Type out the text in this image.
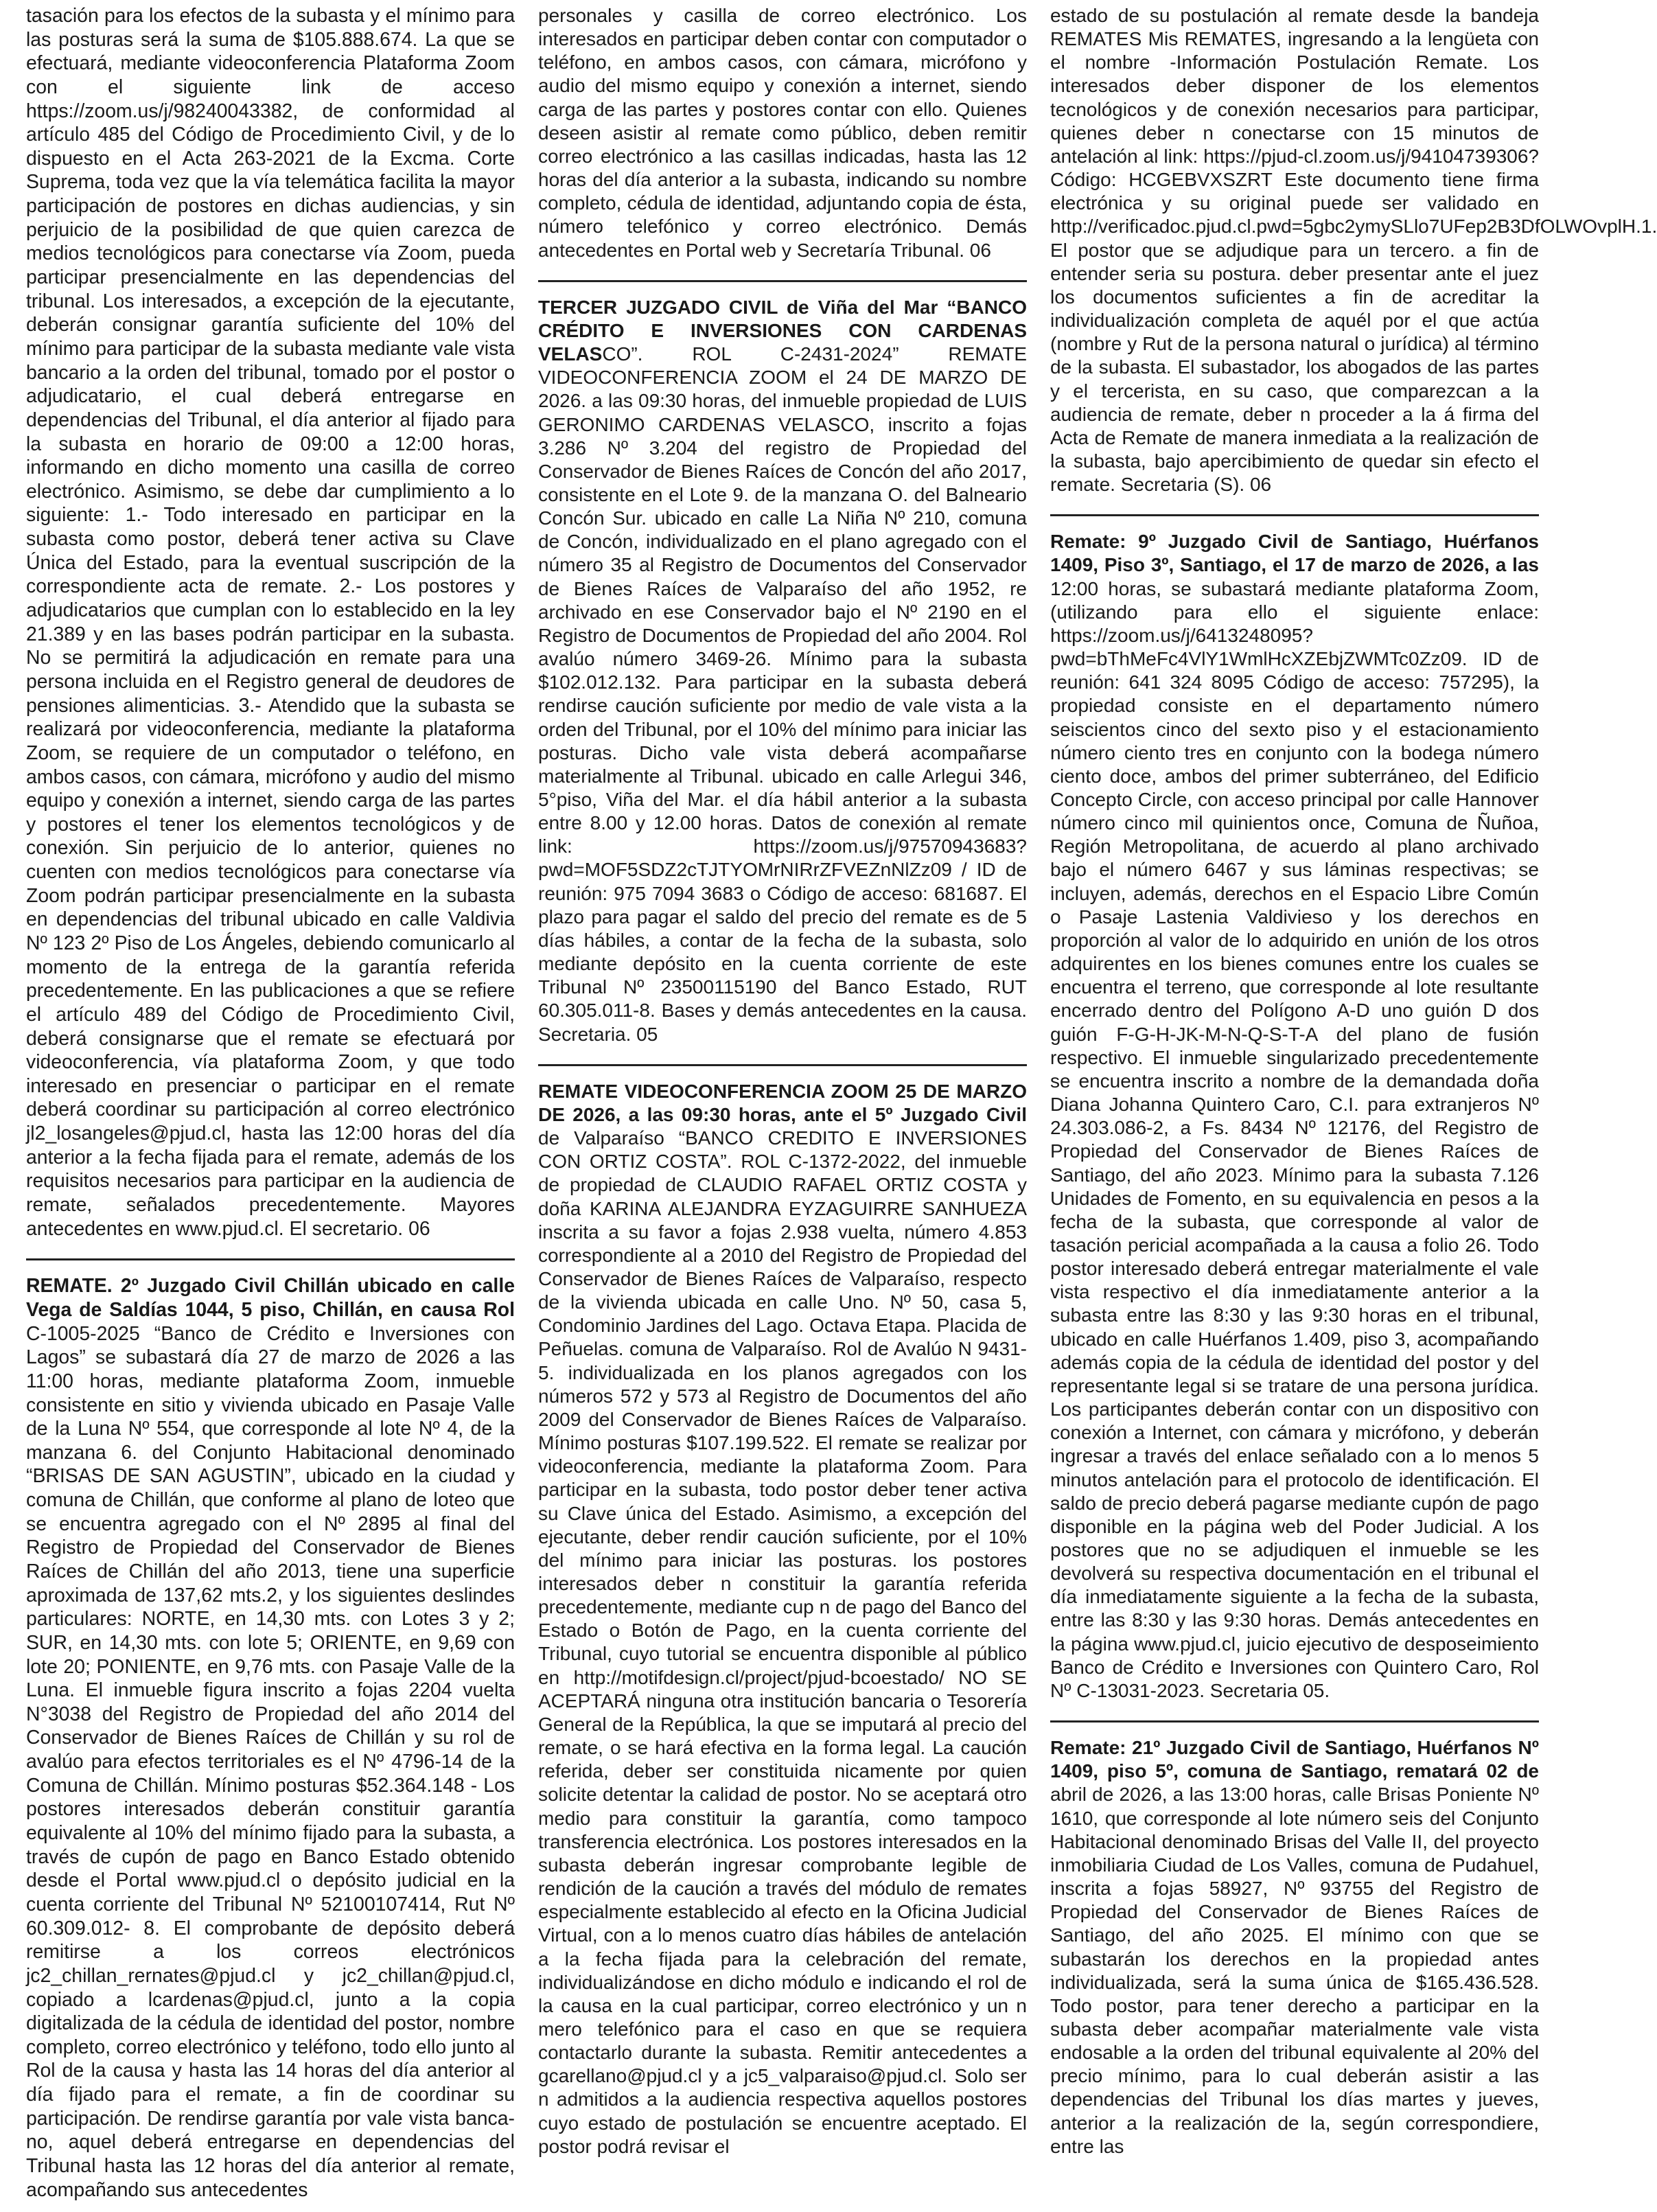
tasación para los efectos de la subasta y el mínimo para las posturas será la suma de $105.888.674. La que se efectuará, mediante videoconferencia Plataforma Zoom con el siguiente link de acceso https://zoom.us/j/98240043382, de conformidad al artículo 485 del Código de Procedimiento Civil, y de lo dispuesto en el Acta 263-2021 de la Excma. Corte Suprema, toda vez que la vía telemática facilita la mayor participación de postores en dichas audiencias, y sin perjuicio de la posibilidad de que quien carezca de medios tecnológicos para conectarse vía Zoom, pueda participar presencialmente en las dependencias del tribunal. Los interesados, a excepción de la ejecutante, deberán consignar garantía suficiente del 10% del mínimo para participar de la subasta mediante vale vista bancario a la orden del tribunal, tomado por el postor o adjudicatario, el cual deberá entregarse en dependencias del Tribunal, el día anterior al fijado para la subasta en horario de 09:00 a 12:00 horas, informando en dicho momento una casilla de correo electrónico. Asimismo, se debe dar cumplimiento a lo siguiente: 1.- Todo interesado en participar en la subasta como postor, deberá tener activa su Clave Única del Estado, para la eventual suscripción de la correspondiente acta de remate. 2.- Los postores y adjudicatarios que cumplan con lo establecido en la ley 21.389 y en las bases podrán participar en la subasta. No se permitirá la adjudicación en remate para una persona incluida en el Registro general de deudores de pensiones alimenticias. 3.- Atendido que la subasta se realizará por videoconferencia, mediante la plataforma Zoom, se requiere de un computador o teléfono, en ambos casos, con cámara, micrófono y audio del mismo equipo y conexión a internet, siendo carga de las partes y postores el tener los elementos tecnológicos y de conexión. Sin perjuicio de lo anterior, quienes no cuenten con medios tecnológicos para conectarse vía Zoom podrán participar presencialmente en la subasta en dependencias del tribunal ubicado en calle Valdivia Nº 123 2º Piso de Los Ángeles, debiendo comunicarlo al momento de la entrega de la garantía referida precedentemente. En las publicaciones a que se refiere el artículo 489 del Código de Procedimiento Civil, deberá consignarse que el remate se efectuará por videoconferencia, vía plataforma Zoom, y que todo interesado en presenciar o participar en el remate deberá coordinar su participación al correo electrónico jl2_losangeles@pjud.cl, hasta las 12:00 horas del día anterior a la fecha fijada para el remate, además de los requisitos necesarios para participar en la audiencia de remate, señalados precedentemente. Mayores antecedentes en www.pjud.cl. El secretario. 06

REMATE. 2º Juzgado Civil Chillán ubicado en calle Vega de Saldías 1044, 5 piso, Chillán, en causa Rol C-1005-2025 “Banco de Crédito e Inversiones con Lagos” se subastará día 27 de marzo de 2026 a las 11:00 horas, mediante plataforma Zoom, inmueble consistente en sitio y vivienda ubicado en Pasaje Valle de la Luna Nº 554, que corresponde al lote Nº 4, de la manzana 6. del Conjunto Habitacional denominado “BRISAS DE SAN AGUSTIN”, ubicado en la ciudad y comuna de Chillán, que conforme al plano de loteo que se encuentra agregado con el Nº 2895 al final del Registro de Propiedad del Conservador de Bienes Raíces de Chillán del año 2013, tiene una superficie aproximada de 137,62 mts.2, y los siguientes deslindes particulares: NORTE, en 14,30 mts. con Lotes 3 y 2; SUR, en 14,30 mts. con lote 5; ORIENTE, en 9,69 con lote 20; PONIENTE, en 9,76 mts. con Pasaje Valle de la Luna. El inmueble figura inscrito a fojas 2204 vuelta N°3038 del Registro de Propiedad del año 2014 del Conservador de Bienes Raíces de Chillán y su rol de avalúo para efectos territoriales es el Nº 4796-14 de la Comuna de Chillán. Mínimo posturas $52.364.148 - Los postores interesados deberán constituir garantía equivalente al 10% del mínimo fijado para la subasta, a través de cupón de pago en Banco Estado obtenido desde el Portal www.pjud.cl o depósito judicial en la cuenta corriente del Tribunal Nº 52100107414, Rut Nº 60.309.012- 8. El comprobante de depósito deberá remitirse a los correos electrónicos jc2_chillan_rernates@pjud.cl y jc2_chillan@pjud.cl, copiado a lcardenas@pjud.cl, junto a la copia digitalizada de la cédula de identidad del postor, nombre completo, correo electrónico y teléfono, todo ello junto al Rol de la causa y hasta las 14 horas del día anterior al día fijado para el remate, a fin de coordinar su participación. De rendirse garantía por vale vista banca-no, aquel deberá entregarse en dependencias del Tribunal hasta las 12 horas del día anterior al remate, acompañando sus antecedentes

personales y casilla de correo electrónico. Los interesados en participar deben contar con computador o teléfono, en ambos casos, con cámara, micrófono y audio del mismo equipo y conexión a internet, siendo carga de las partes y postores contar con ello. Quienes deseen asistir al remate como público, deben remitir correo electrónico a las casillas indicadas, hasta las 12 horas del día anterior a la subasta, indicando su nombre completo, cédula de identidad, adjuntando copia de ésta, número telefónico y correo electrónico. Demás antecedentes en Portal web y Secretaría Tribunal. 06

TERCER JUZGADO CIVIL de Viña del Mar “BANCO CRÉDITO E INVERSIONES CON CARDENAS VELASCO”. ROL C-2431-2024” REMATE VIDEOCONFERENCIA ZOOM el 24 DE MARZO DE 2026. a las 09:30 horas, del inmueble propiedad de LUIS GERONIMO CARDENAS VELASCO, inscrito a fojas 3.286 Nº 3.204 del registro de Propiedad del Conservador de Bienes Raíces de Concón del año 2017, consistente en el Lote 9. de la manzana O. del Balneario Concón Sur. ubicado en calle La Niña Nº 210, comuna de Concón, individualizado en el plano agregado con el número 35 al Registro de Documentos del Conservador de Bienes Raíces de Valparaíso del año 1952, re archivado en ese Conservador bajo el Nº 2190 en el Registro de Documentos de Propiedad del año 2004. Rol avalúo número 3469-26. Mínimo para la subasta $102.012.132. Para participar en la subasta deberá rendirse caución suficiente por medio de vale vista a la orden del Tribunal, por el 10% del mínimo para iniciar las posturas. Dicho vale vista deberá acompañarse materialmente al Tribunal. ubicado en calle Arlegui 346, 5°piso, Viña del Mar. el día hábil anterior a la subasta entre 8.00 y 12.00 horas. Datos de conexión al remate link: https://zoom.us/j/97570943683?pwd=MOF5SDZ2cTJTYOMrNIRrZFVEZnNlZz09 / ID de reunión: 975 7094 3683 o Código de acceso: 681687. El plazo para pagar el saldo del precio del remate es de 5 días hábiles, a contar de la fecha de la subasta, solo mediante depósito en la cuenta corriente de este Tribunal Nº 23500115190 del Banco Estado, RUT 60.305.011-8. Bases y demás antecedentes en la causa. Secretaria. 05

REMATE VIDEOCONFERENCIA ZOOM 25 DE MARZO DE 2026, a las 09:30 horas, ante el 5º Juzgado Civil de Valparaíso “BANCO CREDITO E INVERSIONES CON ORTIZ COSTA”. ROL C-1372-2022, del inmueble de propiedad de CLAUDIO RAFAEL ORTIZ COSTA y doña KARINA ALEJANDRA EYZAGUIRRE SANHUEZA inscrita a su favor a fojas 2.938 vuelta, número 4.853 correspondiente al a 2010 del Registro de Propiedad del Conservador de Bienes Raíces de Valparaíso, respecto de la vivienda ubicada en calle Uno. Nº 50, casa 5, Condominio Jardines del Lago. Octava Etapa. Placida de Peñuelas. comuna de Valparaíso. Rol de Avalúo N 9431-5. individualizada en los planos agregados con los números 572 y 573 al Registro de Documentos del año 2009 del Conservador de Bienes Raíces de Valparaíso. Mínimo posturas $107.199.522. El remate se realizar por videoconferencia, mediante la plataforma Zoom. Para participar en la subasta, todo postor deber tener activa su Clave única del Estado. Asimismo, a excepción del ejecutante, deber rendir caución suficiente, por el 10% del mínimo para iniciar las posturas. los postores interesados deber n constituir la garantía referida precedentemente, mediante cup n de pago del Banco del Estado o Botón de Pago, en la cuenta corriente del Tribunal, cuyo tutorial se encuentra disponible al público en http://motifdesign.cl/project/pjud-bcoestado/ NO SE ACEPTARÁ ninguna otra institución bancaria o Tesorería General de la República, la que se imputará al precio del remate, o se hará efectiva en la forma legal. La caución referida, deber ser constituida nicamente por quien solicite detentar la calidad de postor. No se aceptará otro medio para constituir la garantía, como tampoco transferencia electrónica. Los postores interesados en la subasta deberán ingresar comprobante legible de rendición de la caución a través del módulo de remates especialmente establecido al efecto en la Oficina Judicial Virtual, con a lo menos cuatro días hábiles de antelación a la fecha fijada para la celebración del remate, individualizándose en dicho módulo e indicando el rol de la causa en la cual participar, correo electrónico y un n mero telefónico para el caso en que se requiera contactarlo durante la subasta. Remitir antecedentes a gcarellano@pjud.cl y a jc5_valparaiso@pjud.cl. Solo ser n admitidos a la audiencia respectiva aquellos postores cuyo estado de postulación se encuentre aceptado. El postor podrá revisar el

estado de su postulación al remate desde la bandeja REMATES Mis REMATES, ingresando a la lengüeta con el nombre -Información Postulación Remate. Los interesados deber disponer de los elementos tecnológicos y de conexión necesarios para participar, quienes deber n conectarse con 15 minutos de antelación al link: https://pjud-cl.zoom.us/j/94104739306? Código: HCGEBVXSZRT Este documento tiene firma electrónica y su original puede ser validado en http://verificadoc.pjud.cl.pwd=5gbc2ymySLlo7UFep2B3DfOLWOvplH.1. El postor que se adjudique para un tercero. a fin de entender seria su postura. deber presentar ante el juez los documentos suficientes a fin de acreditar la individualización completa de aquél por el que actúa (nombre y Rut de la persona natural o jurídica) al término de la subasta. El subastador, los abogados de las partes y el tercerista, en su caso, que comparezcan a la audiencia de remate, deber n proceder a la á firma del Acta de Remate de manera inmediata a la realización de la subasta, bajo apercibimiento de quedar sin efecto el remate. Secretaria (S). 06

Remate: 9º Juzgado Civil de Santiago, Huérfanos 1409, Piso 3º, Santiago, el 17 de marzo de 2026, a las 12:00 horas, se subastará mediante plataforma Zoom, (utilizando para ello el siguiente enlace: https://zoom.us/j/6413248095?pwd=bThMeFc4VlY1WmlHcXZEbjZWMTc0Zz09. ID de reunión: 641 324 8095 Código de acceso: 757295), la propiedad consiste en el departamento número seiscientos cinco del sexto piso y el estacionamiento número ciento tres en conjunto con la bodega número ciento doce, ambos del primer subterráneo, del Edificio Concepto Circle, con acceso principal por calle Hannover número cinco mil quinientos once, Comuna de Ñuñoa, Región Metropolitana, de acuerdo al plano archivado bajo el número 6467 y sus láminas respectivas; se incluyen, además, derechos en el Espacio Libre Común o Pasaje Lastenia Valdivieso y los derechos en proporción al valor de lo adquirido en unión de los otros adquirentes en los bienes comunes entre los cuales se encuentra el terreno, que corresponde al lote resultante encerrado dentro del Polígono A-D uno guión D dos guión F-G-H-JK-M-N-Q-S-T-A del plano de fusión respectivo. El inmueble singularizado precedentemente se encuentra inscrito a nombre de la demandada doña Diana Johanna Quintero Caro, C.I. para extranjeros Nº 24.303.086-2, a Fs. 8434 Nº 12176, del Registro de Propiedad del Conservador de Bienes Raíces de Santiago, del año 2023. Mínimo para la subasta 7.126 Unidades de Fomento, en su equivalencia en pesos a la fecha de la subasta, que corresponde al valor de tasación pericial acompañada a la causa a folio 26. Todo postor interesado deberá entregar materialmente el vale vista respectivo el día inmediatamente anterior a la subasta entre las 8:30 y las 9:30 horas en el tribunal, ubicado en calle Huérfanos 1.409, piso 3, acompañando además copia de la cédula de identidad del postor y del representante legal si se tratare de una persona jurídica. Los participantes deberán contar con un dispositivo con conexión a Internet, con cámara y micrófono, y deberán ingresar a través del enlace señalado con a lo menos 5 minutos antelación para el protocolo de identificación. El saldo de precio deberá pagarse mediante cupón de pago disponible en la página web del Poder Judicial. A los postores que no se adjudiquen el inmueble se les devolverá su respectiva documentación en el tribunal el día inmediatamente siguiente a la fecha de la subasta, entre las 8:30 y las 9:30 horas. Demás antecedentes en la página www.pjud.cl, juicio ejecutivo de desposeimiento Banco de Crédito e Inversiones con Quintero Caro, Rol Nº C-13031-2023. Secretaria 05.

Remate: 21º Juzgado Civil de Santiago, Huérfanos Nº 1409, piso 5º, comuna de Santiago, rematará 02 de abril de 2026, a las 13:00 horas, calle Brisas Poniente Nº 1610, que corresponde al lote número seis del Conjunto Habitacional denominado Brisas del Valle II, del proyecto inmobiliaria Ciudad de Los Valles, comuna de Pudahuel, inscrita a fojas 58927, Nº 93755 del Registro de Propiedad del Conservador de Bienes Raíces de Santiago, del año 2025. El mínimo con que se subastarán los derechos en la propiedad antes individualizada, será la suma única de $165.436.528. Todo postor, para tener derecho a participar en la subasta deber acompañar materialmente vale vista endosable a la orden del tribunal equivalente al 20% del precio mínimo, para lo cual deberán asistir a las dependencias del Tribunal los días martes y jueves, anterior a la realización de la, según correspondiere, entre las
